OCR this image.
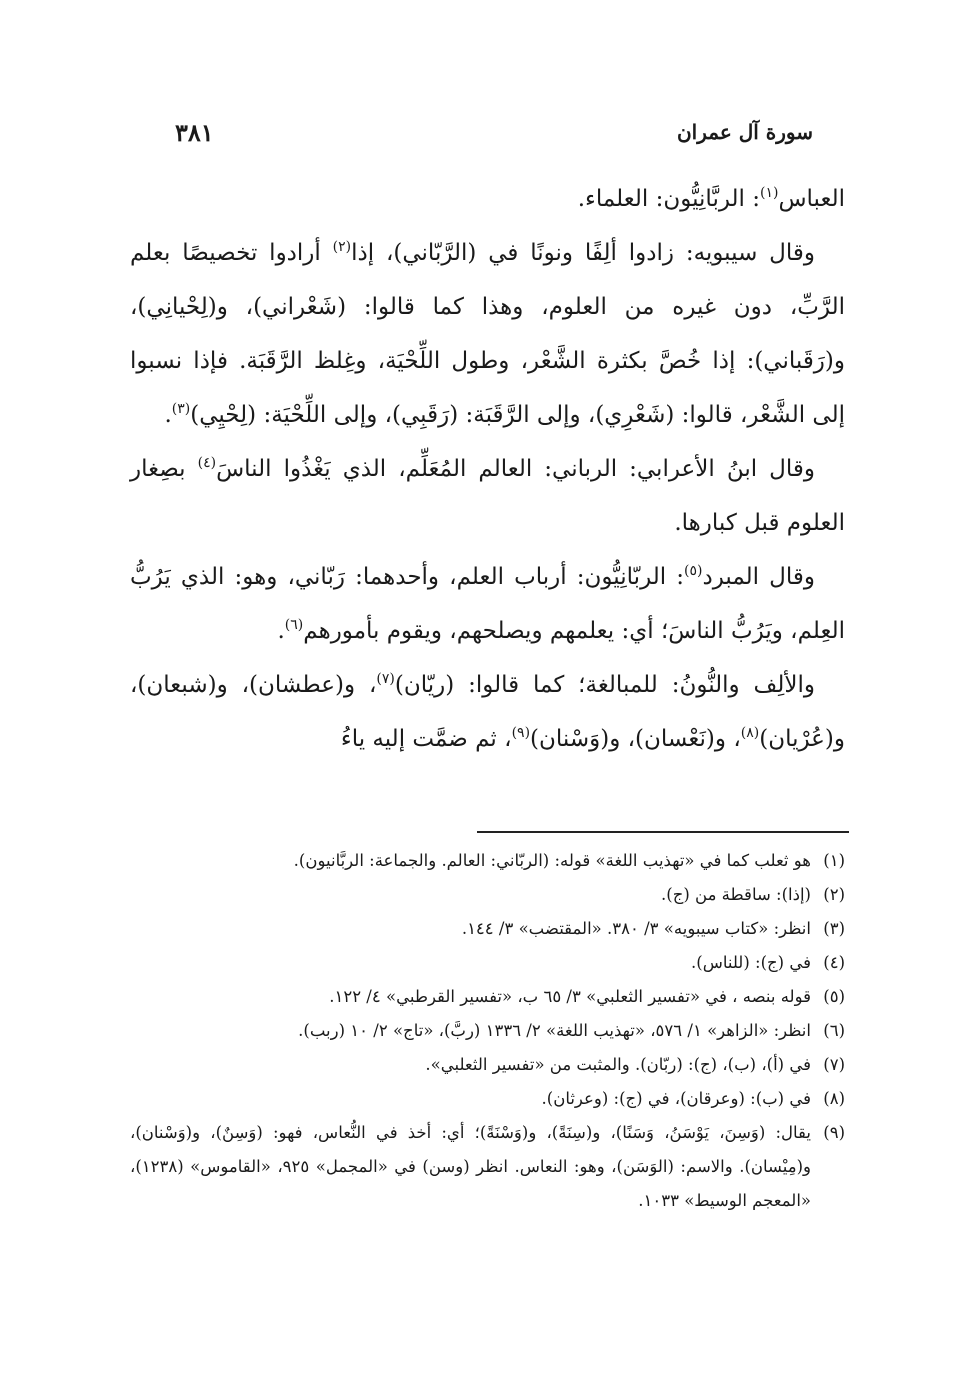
سورة آل عمران
٣٨١

العباس$^{(١)}$: الربَّانِيُّون: العلماء.

وقال سيبويه: زادوا ألِفًا ونونًا في (الرَّبّاني)، إذا$^{(٢)}$ أرادوا تخصيصًا بعلم الرَّبِّ، دون غيره من العلوم، وهذا كما قالوا: (شَعْراني)، و(لِحْيانِي)، و(رَقَباني): إذا خُصَّ بكثرة الشَّعْر، وطول اللِّحْيَة، وغِلظ الرَّقَبَة. فإذا نسبوا إلى الشَّعْر، قالوا: (شَعْرِي)، وإلى الرَّقَبَة: (رَقَبِي)، وإلى اللِّحْيَة: (لِحْيِي)$^{(٣)}$.

وقال ابنُ الأعرابي: الرباني: العالم المُعَلِّم، الذي يَغْذُوا الناسَ$^{(٤)}$ بصِغار العلوم قبل كبارها.

وقال المبرد$^{(٥)}$: الربّانِيُّون: أرباب العلم، وأحدهما: رَبّاني، وهو: الذي يَرُبُّ العِلم، ويَرُبُّ الناسَ؛ أي: يعلمهم ويصلحهم، ويقوم بأمورهم$^{(٦)}$.

والألِف والنُّونُ: للمبالغة؛ كما قالوا: (ريّان)$^{(٧)}$، و(عطشان)، و(شبعان)، و(عُرْيان)$^{(٨)}$، و(نَعْسان)، و(وَسْنان)$^{(٩)}$، ثم ضمَّت إليه ياءُ

(١)
هو ثعلب كما في «تهذيب اللغة» قوله: (الربّاني: العالم. والجماعة: الربَّانيون).
(٢)
(إذا): ساقطة من (ج).
(٣)
انظر: «كتاب سيبويه» ٣/ ٣٨٠. «المقتضب» ٣/ ١٤٤.
(٤)
في (ج): (للناس).
(٥)
قوله بنصه ، في «تفسير الثعلبي» ٣/ ٦٥ ب، «تفسير القرطبي» ٤/ ١٢٢.
(٦)
انظر: «الزاهر» ١/ ٥٧٦، «تهذيب اللغة» ٢/ ١٣٣٦ (ربَّ)، «تاج» ٢/ ١٠ (ربب).
(٧)
في (أ)، (ب)، (ج): (ربّان). والمثبت من «تفسير الثعلبي».
(٨)
في (ب): (وعرقان)، في (ج): (وعرثان).
(٩)
يقال: (وَسِنَ، يَوْسَنُ، وَسَنًا)، و(سِنَةً)، و(وَسْنَةً)؛ أي: أخذ في النُّعاس، فهو: (وَسِنٌ)، و(وَسْنان)، و(مِيْسان). والاسم: (الوَسَن)، وهو: النعاس. انظر (وسن) في «المجمل» ٩٢٥، «القاموس» (١٢٣٨)، «المعجم الوسيط» ١٠٣٣.
